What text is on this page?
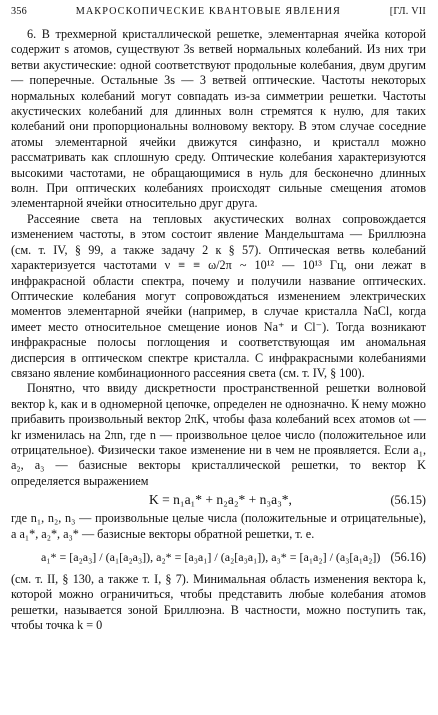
356	МАКРОСКОПИЧЕСКИЕ КВАНТОВЫЕ ЯВЛЕНИЯ	[ГЛ. VII

6. В трехмерной кристаллической решетке, элементарная ячейка которой содержит s атомов, существуют 3s ветвей нормальных колебаний. Из них три ветви акустические: одной соответствуют продольные колебания, двум другим — поперечные. Остальные 3s — 3 ветвей оптические. Частоты некоторых нормальных колебаний могут совпадать из-за симметрии решетки. Частоты акустических колебаний для длинных волн стремятся к нулю, для таких колебаний они пропорциональны волновому вектору. В этом случае соседние атомы элементарной ячейки движутся синфазно, и кристалл можно рассматривать как сплошную среду. Оптические колебания характеризуются высокими частотами, не обращающимися в нуль для бесконечно длинных волн. При оптических колебаниях происходят сильные смещения атомов элементарной ячейки относительно друг друга.

Рассеяние света на тепловых акустических волнах сопровождается изменением частоты, в этом состоит явление Мандельштама — Бриллюэна (см. т. IV, § 99, а также задачу 2 к § 57). Оптическая ветвь колебаний характеризуется частотами ν ≡ ≡ ω/2π ~ 10¹² — 10¹³ Гц, они лежат в инфракрасной области спектра, почему и получили название оптических. Оптические колебания могут сопровождаться изменением электрических моментов элементарной ячейки (например, в случае кристалла NaCl, когда имеет место относительное смещение ионов Na⁺ и Cl⁻). Тогда возникают инфракрасные полосы поглощения и соответствующая им аномальная дисперсия в оптическом спектре кристалла. С инфракрасными колебаниями связано явление комбинационного рассеяния света (см. т. IV, § 100).

Понятно, что ввиду дискретности пространственной решетки волновой вектор k, как и в одномерной цепочке, определен не однозначно. К нему можно прибавить произвольный вектор 2πK, чтобы фаза колебаний всех атомов ωt — kr изменилась на 2πn, где n — произвольное целое число (положительное или отрицательное). Физически такое изменение ни в чем не проявляется. Если a₁, a₂, a₃ — базисные векторы кристаллической решетки, то вектор K определяется выражением

K = n₁a₁* + n₂a₂* + n₃a₃*,	(56.15)

где n₁, n₂, n₃ — произвольные целые числа (положительные и отрицательные), а a₁*, a₂*, a₃* — базисные векторы обратной решетки, т. е.

a₁* = [a₂a₃] / (a₁[a₂a₃]), a₂* = [a₃a₁] / (a₂[a₃a₁]), a₃* = [a₁a₂] / (a₃[a₁a₂]) (56.16)

(см. т. II, § 130, а также т. I, § 7). Минимальная область изменения вектора k, которой можно ограничиться, чтобы представить любые колебания атомов решетки, называется зоной Бриллюэна. В частности, можно поступить так, чтобы точка k = 0
